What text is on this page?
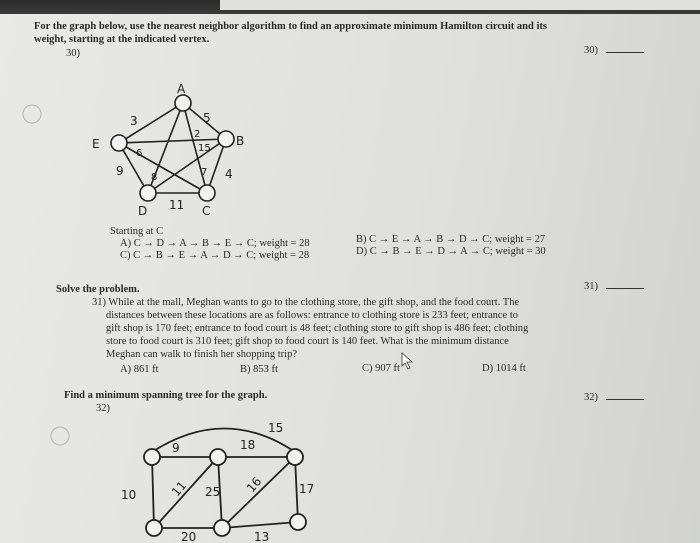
For the graph below, use the nearest neighbor algorithm to find an approximate minimum Hamilton circuit and its
weight, starting at the indicated vertex.
30)	30)
A
B
C
D
E
3	5
2
15
6
7
8
9	4
11
9	18
15
10	11 25 16	17
20	13
Starting at C
A) C → D → A → B → E → C; weight = 28
C) C → B → E → A → D → C; weight = 28
B) C → E → A → B → D → C; weight = 27
D) C → B → E → D → A → C; weight = 30
Solve the problem.	31)
31) While at the mall, Meghan wants to go to the clothing store, the gift shop, and the food court. The
distances between these locations are as follows: entrance to clothing store is 233 feet; entrance to
gift shop is 170 feet; entrance to food court is 48 feet; clothing store to gift shop is 486 feet; clothing
store to food court is 310 feet; gift shop to food court is 140 feet. What is the minimum distance
Meghan can walk to finish her shopping trip?
A) 861 ft	B) 853 ft	C) 907 ft	D) 1014 ft
Find a minimum spanning tree for the graph.
32)
32)
